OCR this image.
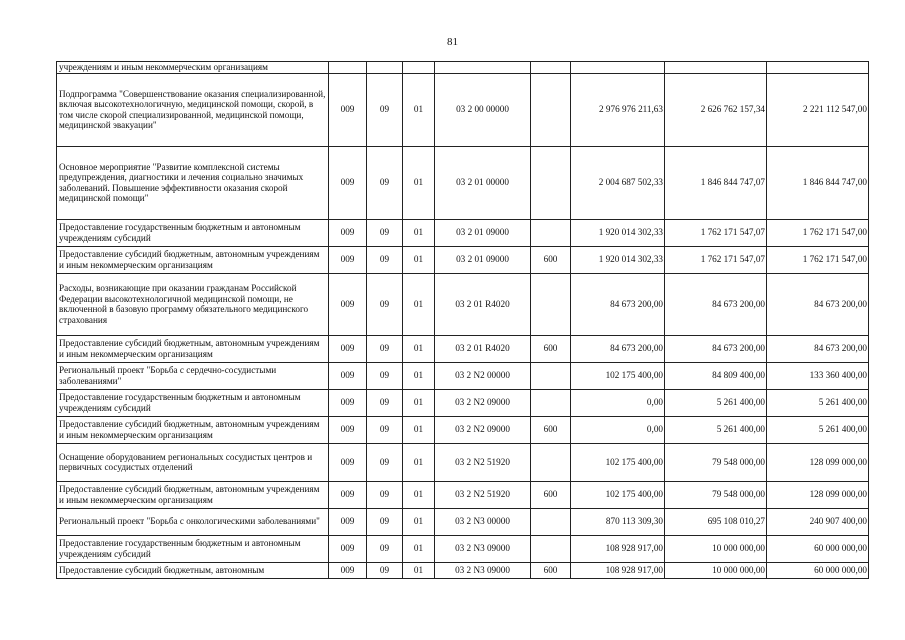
81
учреждениям и иным некоммерческим организациям								
Подпрограмма "Совершенствование оказания специализированной, включая высокотехнологичную, медицинской помощи, скорой, в том числе скорой специализированной, медицинской помощи, медицинской эвакуации"	009	09	01	03 2 00 00000		2 976 976 211,63	2 626 762 157,34	2 221 112 547,00
Основное мероприятие "Развитие комплексной системы предупреждения, диагностики и лечения социально значимых заболеваний. Повышение эффективности оказания скорой медицинской помощи"	009	09	01	03 2 01 00000		2 004 687 502,33	1 846 844 747,07	1 846 844 747,00
Предоставление государственным бюджетным и автономным учреждениям субсидий	009	09	01	03 2 01 09000		1 920 014 302,33	1 762 171 547,07	1 762 171 547,00
Предоставление субсидий бюджетным, автономным учреждениям и иным некоммерческим организациям	009	09	01	03 2 01 09000	600	1 920 014 302,33	1 762 171 547,07	1 762 171 547,00
Расходы, возникающие при оказании гражданам Российской Федерации высокотехнологичной медицинской помощи, не включенной в базовую программу обязательного медицинского страхования	009	09	01	03 2 01 R4020		84 673 200,00	84 673 200,00	84 673 200,00
Предоставление субсидий бюджетным, автономным учреждениям и иным некоммерческим организациям	009	09	01	03 2 01 R4020	600	84 673 200,00	84 673 200,00	84 673 200,00
Региональный проект "Борьба с сердечно-сосудистыми заболеваниями"	009	09	01	03 2 N2 00000		102 175 400,00	84 809 400,00	133 360 400,00
Предоставление государственным бюджетным и автономным учреждениям субсидий	009	09	01	03 2 N2 09000		0,00	5 261 400,00	5 261 400,00
Предоставление субсидий бюджетным, автономным учреждениям и иным некоммерческим организациям	009	09	01	03 2 N2 09000	600	0,00	5 261 400,00	5 261 400,00
Оснащение оборудованием региональных сосудистых центров и первичных сосудистых отделений	009	09	01	03 2 N2 51920		102 175 400,00	79 548 000,00	128 099 000,00
Предоставление субсидий бюджетным, автономным учреждениям и иным некоммерческим организациям	009	09	01	03 2 N2 51920	600	102 175 400,00	79 548 000,00	128 099 000,00
Региональный проект "Борьба с онкологическими заболеваниями"	009	09	01	03 2 N3 00000		870 113 309,30	695 108 010,27	240 907 400,00
Предоставление государственным бюджетным и автономным учреждениям субсидий	009	09	01	03 2 N3 09000		108 928 917,00	10 000 000,00	60 000 000,00
Предоставление субсидий бюджетным, автономным	009	09	01	03 2 N3 09000	600	108 928 917,00	10 000 000,00	60 000 000,00
